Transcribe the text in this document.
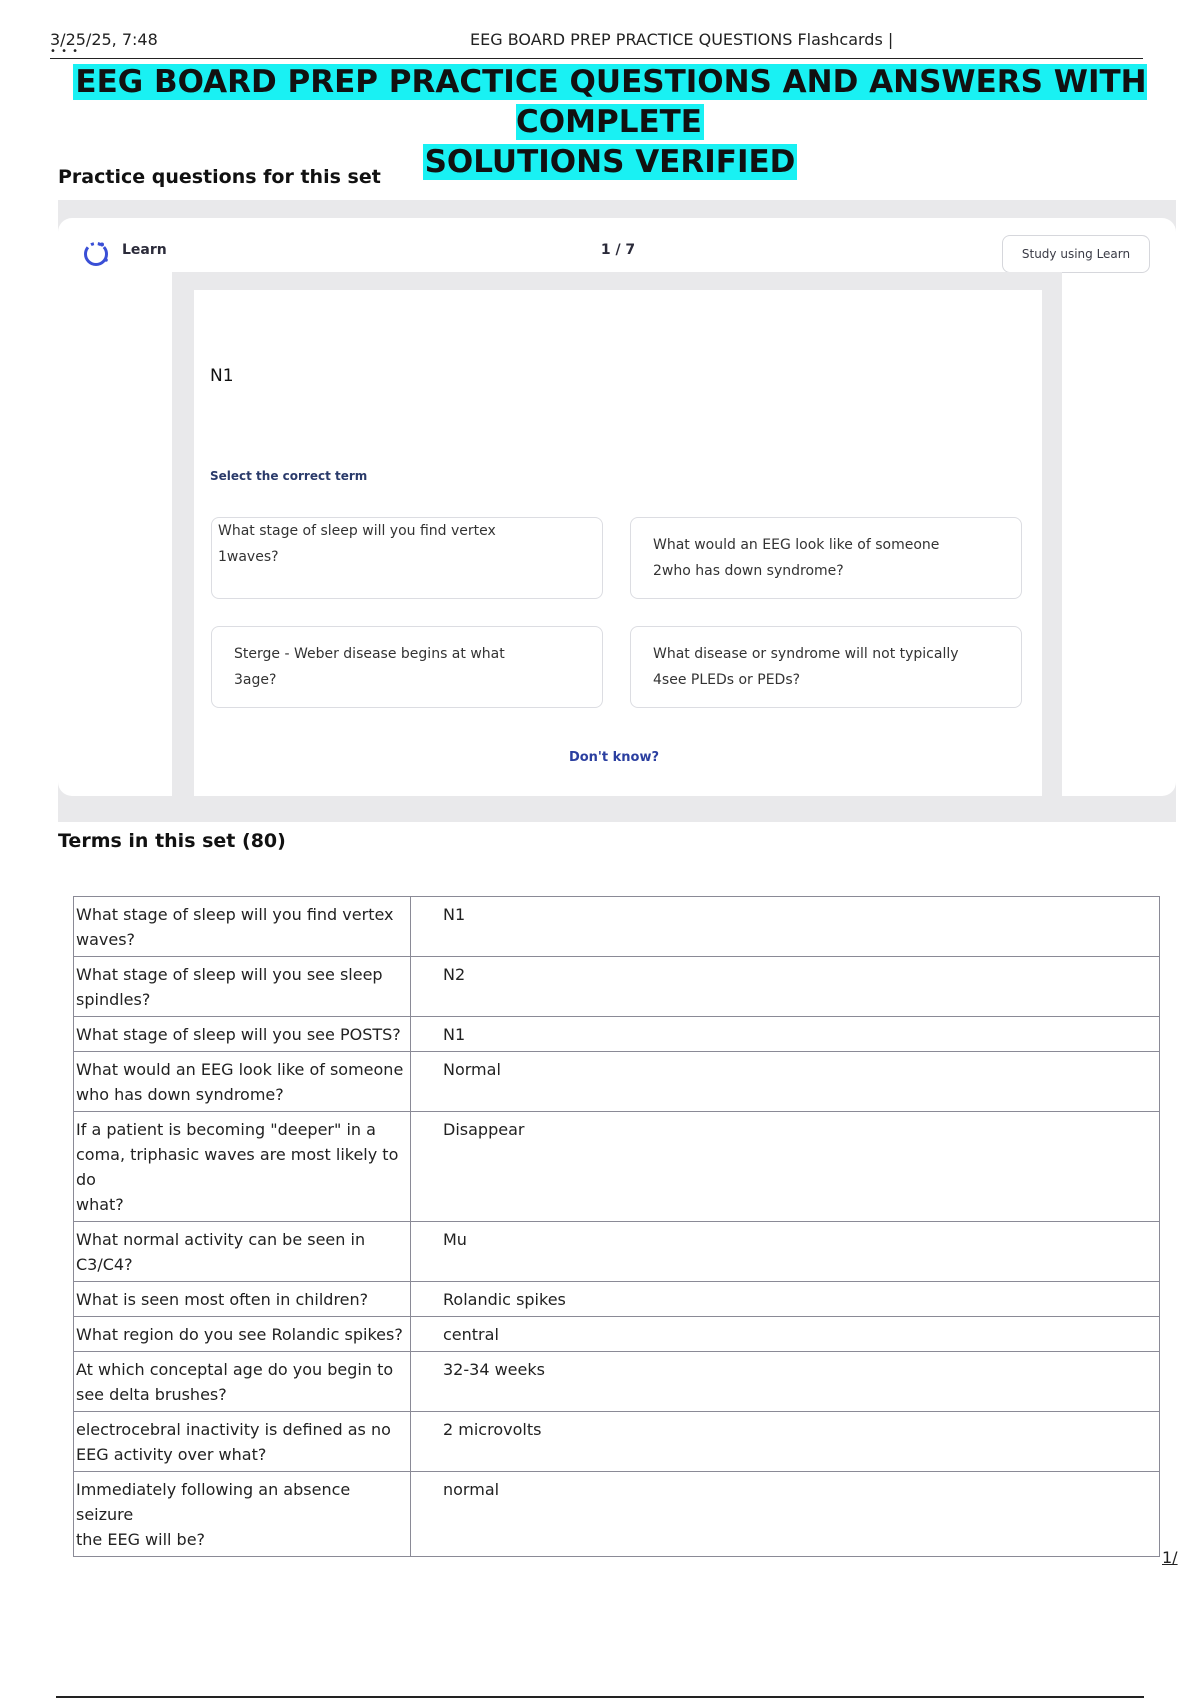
3/25/25, 7:48
• • •
EEG BOARD PREP PRACTICE QUESTIONS Flashcards |
EEG BOARD PREP PRACTICE QUESTIONS AND ANSWERS WITH COMPLETE
SOLUTIONS VERIFIED
Practice questions for this set
Learn	1 / 7	Study using Learn
N1
Select the correct term
What stage of sleep will you find vertex
1waves?
What would an EEG look like of someone
2who has down syndrome?
Sterge - Weber disease begins at what
3age?
What disease or syndrome will not typically
4see PLEDs or PEDs?
Don't know?
Terms in this set (80)
What stage of sleep will you find vertex
waves?	N1
What stage of sleep will you see sleep
spindles?	N2
What stage of sleep will you see POSTS?	N1
What would an EEG look like of someone
who has down syndrome?	Normal
If a patient is becoming "deeper" in a
coma, triphasic waves are most likely to do
what?	Disappear
What normal activity can be seen in
C3/C4?	Mu
What is seen most often in children?	Rolandic spikes
What region do you see Rolandic spikes?	central
At which conceptal age do you begin to
see delta brushes?	32-34 weeks
electrocebral inactivity is defined as no
EEG activity over what?	2 microvolts
Immediately following an absence seizure
the EEG will be?	normal
1/
